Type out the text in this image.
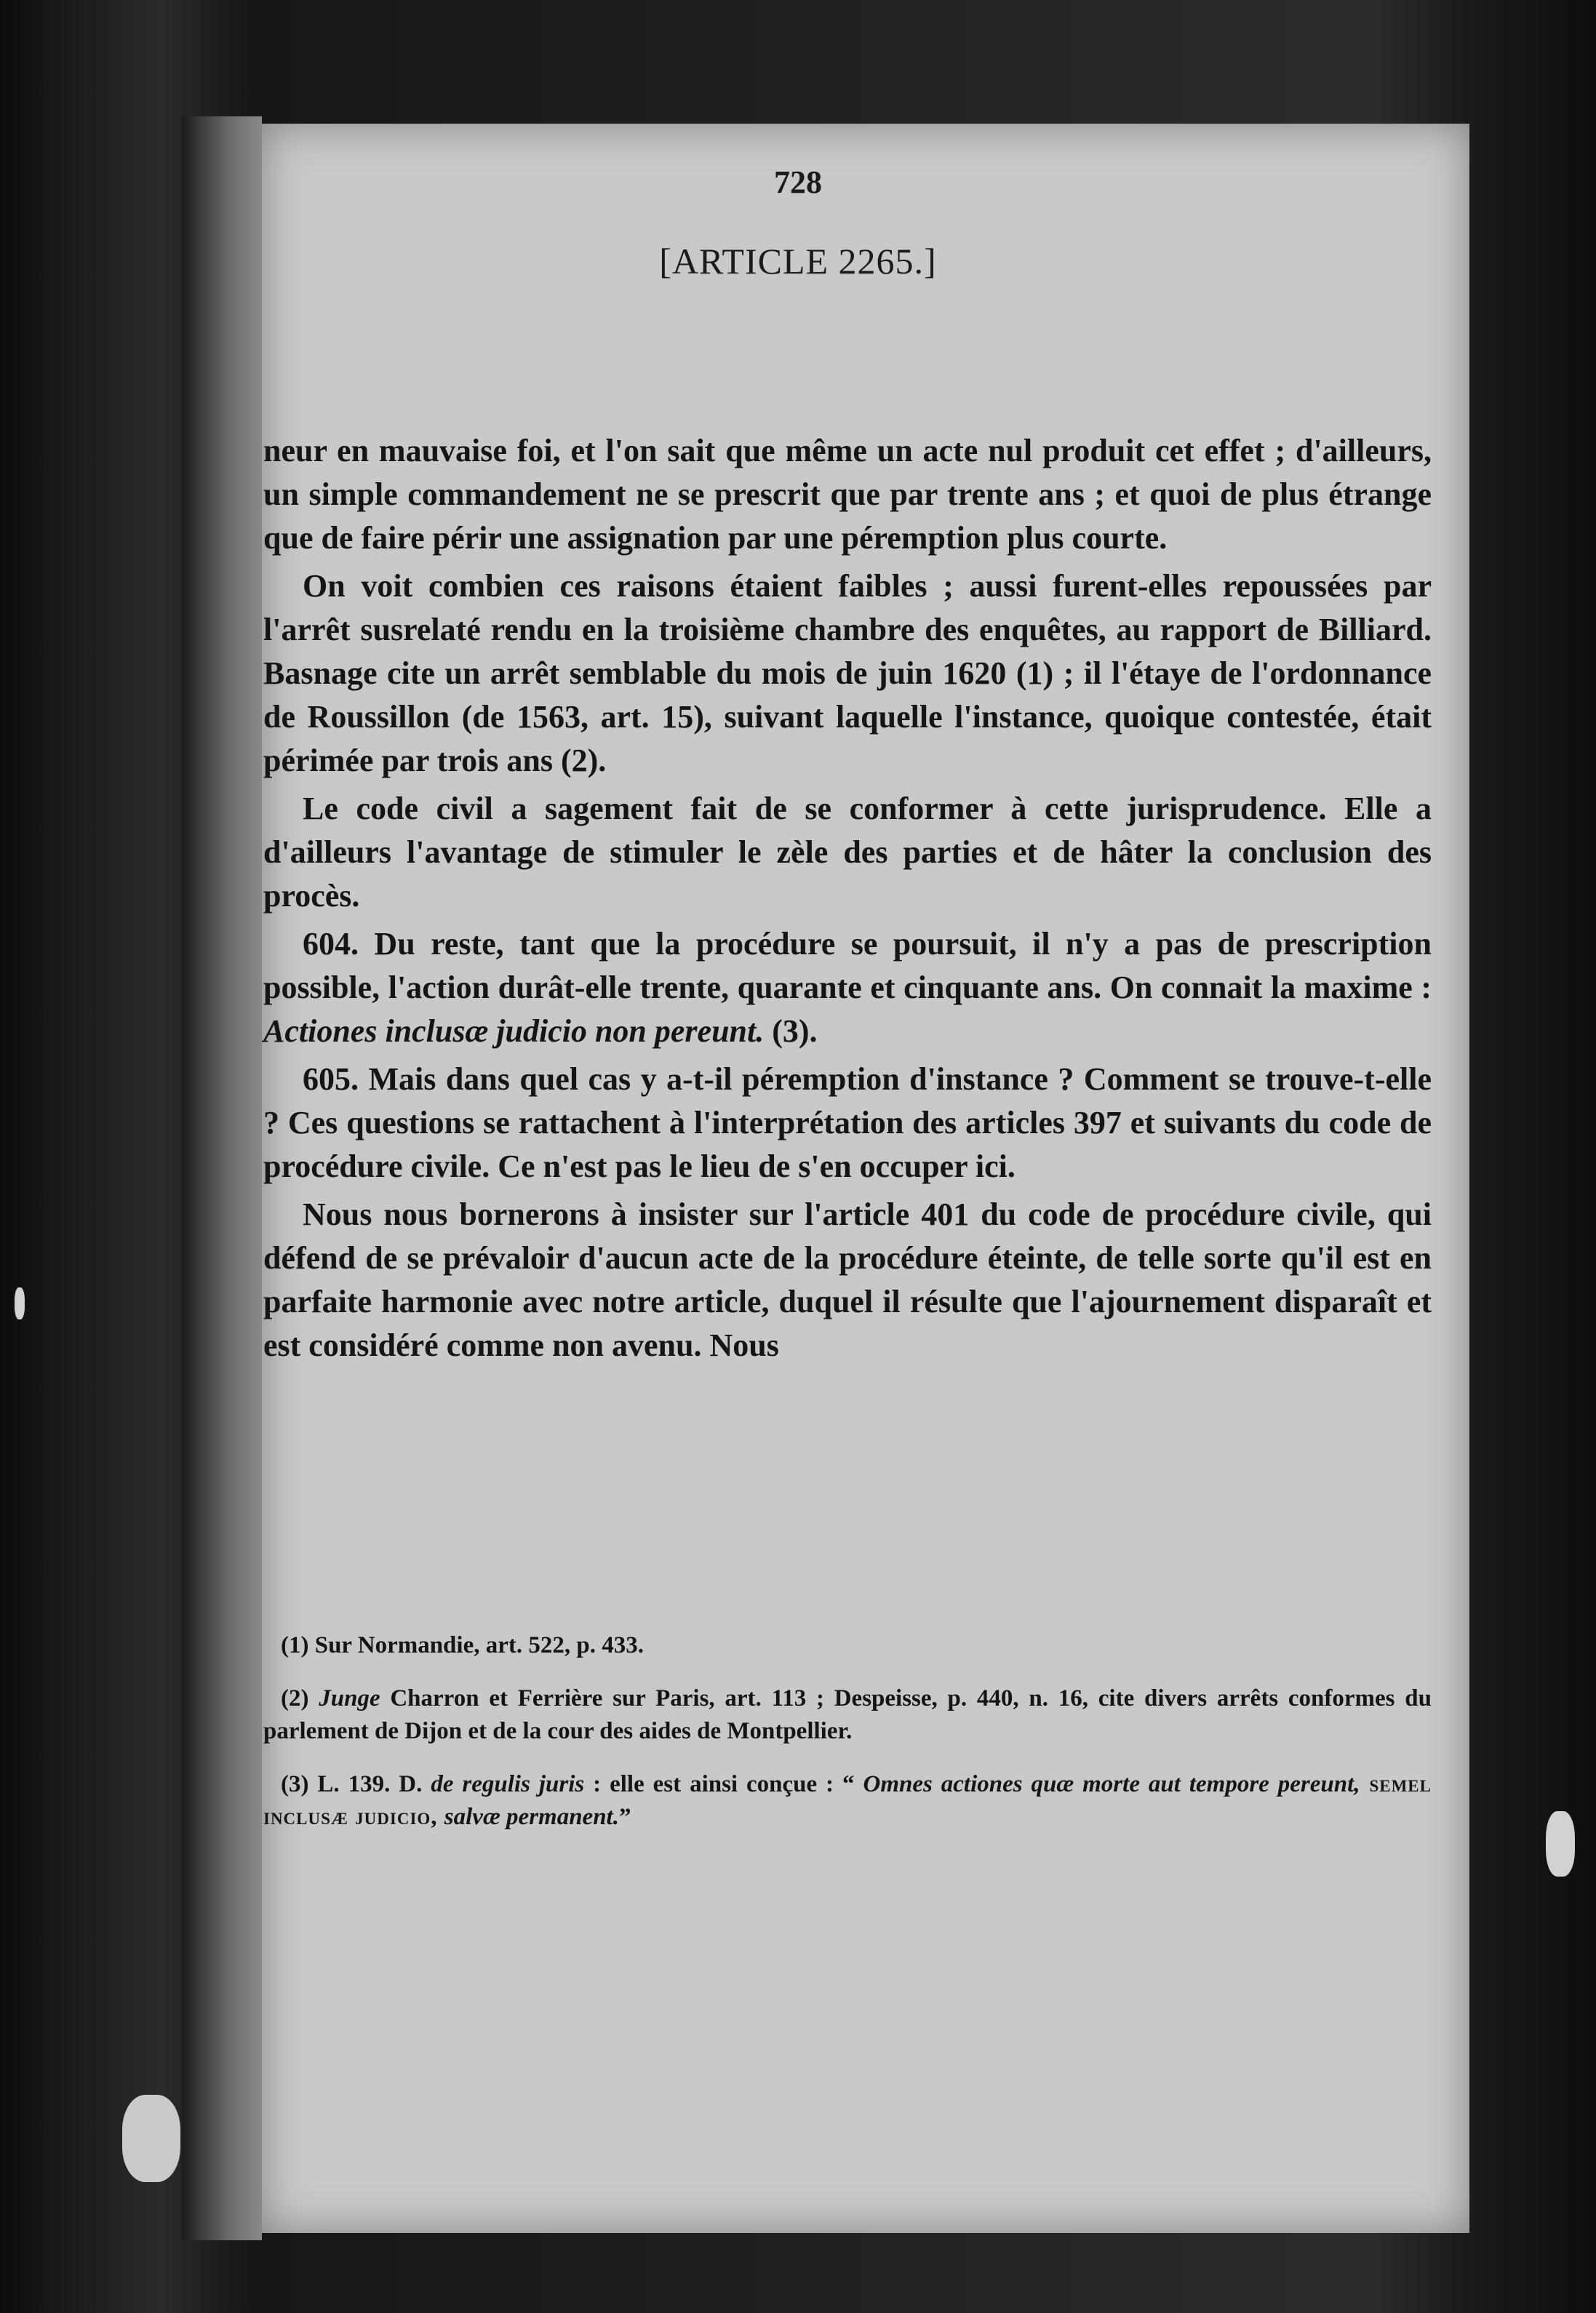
728
[ARTICLE 2265.]

neur en mauvaise foi, et l'on sait que même un acte nul produit cet effet ; d'ailleurs, un simple commandement ne se prescrit que par trente ans ; et quoi de plus étrange que de faire périr une assignation par une péremption plus courte.

On voit combien ces raisons étaient faibles ; aussi furent-elles repoussées par l'arrêt susrelaté rendu en la troisième chambre des enquêtes, au rapport de Billiard. Basnage cite un arrêt semblable du mois de juin 1620 (1) ; il l'étaye de l'ordonnance de Roussillon (de 1563, art. 15), suivant laquelle l'instance, quoique contestée, était périmée par trois ans (2).

Le code civil a sagement fait de se conformer à cette jurisprudence. Elle a d'ailleurs l'avantage de stimuler le zèle des parties et de hâter la conclusion des procès.

604. Du reste, tant que la procédure se poursuit, il n'y a pas de prescription possible, l'action durât-elle trente, quarante et cinquante ans. On connait la maxime : Actiones inclusæ judicio non pereunt. (3).

605. Mais dans quel cas y a-t-il péremption d'instance ? Comment se trouve-t-elle ? Ces questions se rattachent à l'interprétation des articles 397 et suivants du code de procédure civile. Ce n'est pas le lieu de s'en occuper ici.

Nous nous bornerons à insister sur l'article 401 du code de procédure civile, qui défend de se prévaloir d'aucun acte de la procédure éteinte, de telle sorte qu'il est en parfaite harmonie avec notre article, duquel il résulte que l'ajournement disparaît et est considéré comme non avenu. Nous

(1) Sur Normandie, art. 522, p. 433.

(2) Junge Charron et Ferrière sur Paris, art. 113 ; Despeisse, p. 440, n. 16, cite divers arrêts conformes du parlement de Dijon et de la cour des aides de Montpellier.

(3) L. 139. D. de regulis juris : elle est ainsi conçue : “ Omnes actiones quæ morte aut tempore pereunt, semel inclusæ judicio, salvæ permanent.”
